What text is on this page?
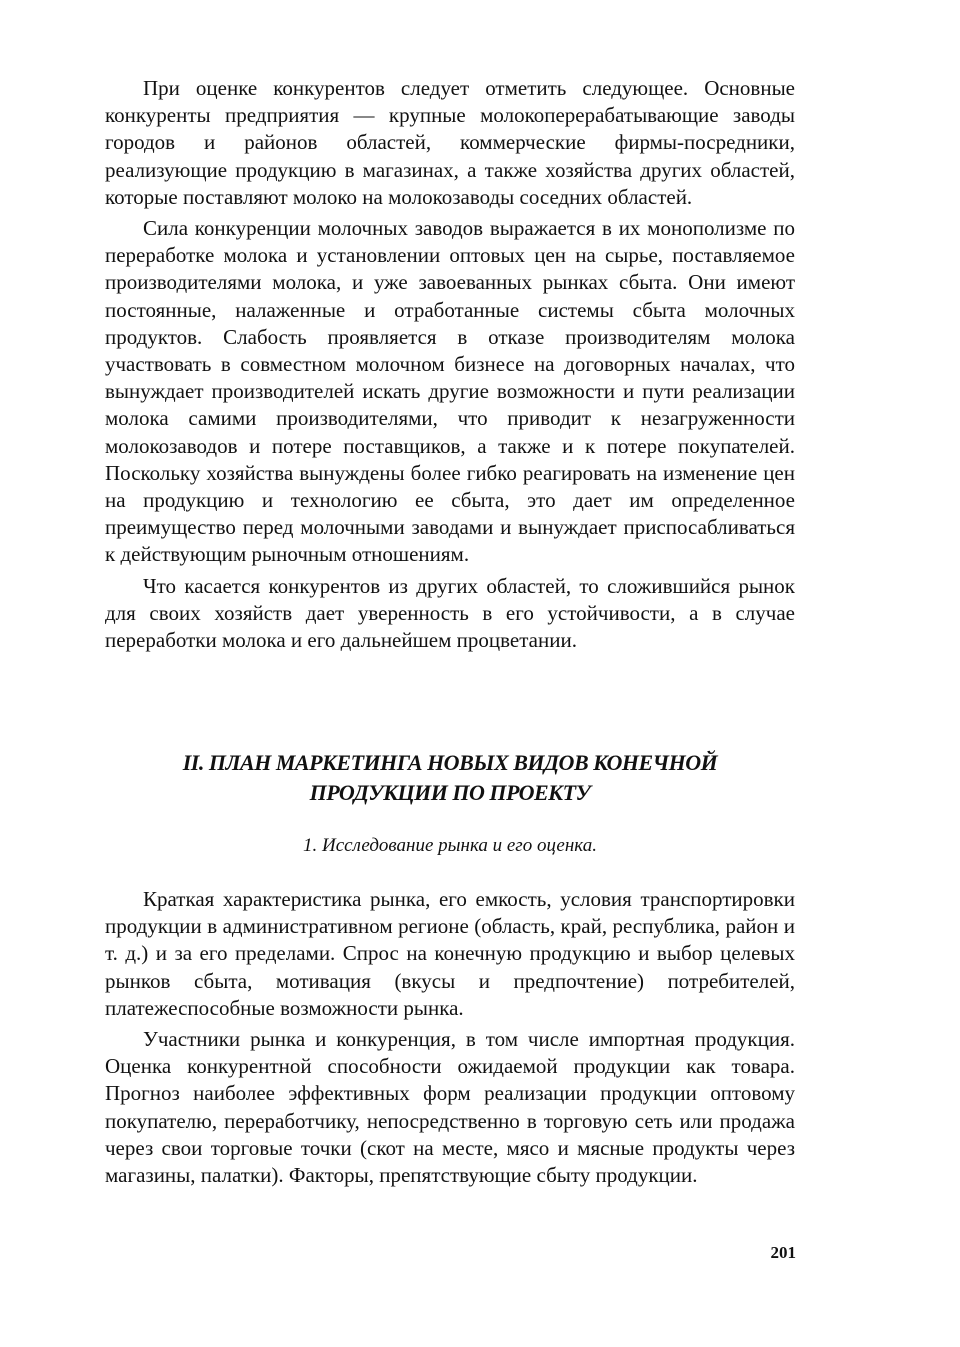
При оценке конкурентов следует отметить следующее. Основные конкуренты предприятия — крупные молокоперерабатывающие заводы городов и районов областей, коммерческие фирмы-посредники, реализующие продукцию в магазинах, а также хозяйства других областей, которые поставляют молоко на молокозаводы соседних областей.

Сила конкуренции молочных заводов выражается в их монополизме по переработке молока и установлении оптовых цен на сырье, поставляемое производителями молока, и уже завоеванных рынках сбыта. Они имеют постоянные, налаженные и отработанные системы сбыта молочных продуктов. Слабость проявляется в отказе производителям молока участвовать в совместном молочном бизнесе на договорных началах, что вынуждает производителей искать другие возможности и пути реализации молока самими производителями, что приводит к незагруженности молокозаводов и потере поставщиков, а также и к потере покупателей. Поскольку хозяйства вынуждены более гибко реагировать на изменение цен на продукцию и технологию ее сбыта, это дает им определенное преимущество перед молочными заводами и вынуждает приспосабливаться к действующим рыночным отношениям.

Что касается конкурентов из других областей, то сложившийся рынок для своих хозяйств дает уверенность в его устойчивости, а в случае переработки молока и его дальнейшем процветании.

II. ПЛАН МАРКЕТИНГА НОВЫХ ВИДОВ КОНЕЧНОЙ
ПРОДУКЦИИ ПО ПРОЕКТУ

1. Исследование рынка и его оценка.

Краткая характеристика рынка, его емкость, условия транспортировки продукции в административном регионе (область, край, республика, район и т. д.) и за его пределами. Спрос на конечную продукцию и выбор целевых рынков сбыта, мотивация (вкусы и предпочтение) потребителей, платежеспособные возможности рынка.

Участники рынка и конкуренция, в том числе импортная продукция. Оценка конкурентной способности ожидаемой продукции как товара. Прогноз наиболее эффективных форм реализации продукции оптовому покупателю, переработчику, непосредственно в торговую сеть или продажа через свои торговые точки (скот на месте, мясо и мясные продукты через магазины, палатки). Факторы, препятствующие сбыту продукции.

201
